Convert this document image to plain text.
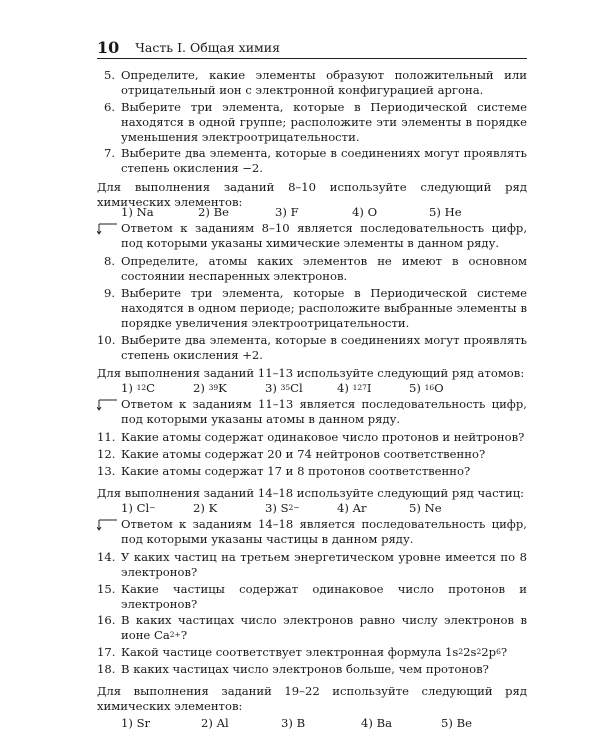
10 Часть I. Общая химия
5. Определите, какие элементы образуют положительный или отрицательный ион с электронной конфигурацией аргона.
6. Выберите три элемента, которые в Периодической системе находятся в одной группе; расположите эти элементы в порядке уменьшения электроотрицательности.
7. Выберите два элемента, которые в соединениях могут проявлять степень окисления −2.
Для выполнения заданий 8–10 используйте следующий ряд химических элементов:
1) Na	2) Be	3) F	4) O	5) He
Ответом к заданиям 8–10 является последовательность цифр, под которыми указаны химические элементы в данном ряду.
8. Определите, атомы каких элементов не имеют в основном состоянии неспаренных электронов.
9. Выберите три элемента, которые в Периодической системе находятся в одном периоде; расположите выбранные элементы в порядке увеличения электроотрицательности.
10. Выберите два элемента, которые в соединениях могут проявлять степень окисления +2.
Для выполнения заданий 11–13 используйте следующий ряд атомов:
1) $^{12}$C	2) $^{39}$K	3) $^{35}$Cl	4) $^{127}$I	5) $^{16}$O
Ответом к заданиям 11–13 является последовательность цифр, под которыми указаны атомы в данном ряду.
11. Какие атомы содержат одинаковое число протонов и нейтронов?
12. Какие атомы содержат 20 и 74 нейтронов соответственно?
13. Какие атомы содержат 17 и 8 протонов соответственно?
Для выполнения заданий 14–18 используйте следующий ряд частиц:
1) Cl−	2) K	3) $S^{2-}$	4) Ar	5) Ne
Ответом к заданиям 14–18 является последовательность цифр, под которыми указаны частицы в данном ряду.
14. У каких частиц на третьем энергетическом уровне имеется по 8 электронов?
15. Какие частицы содержат одинаковое число протонов и электронов?
16. В каких частицах число электронов равно числу электронов в ионе $Ca^{2+}$?
17. Какой частице соответствует электронная формула $1s^22s^22p^6$?
18. В каких частицах число электронов больше, чем протонов?
Для выполнения заданий 19–22 используйте следующий ряд химических элементов:
1) Sr	2) Al	3) B	4) Ba	5) Be
